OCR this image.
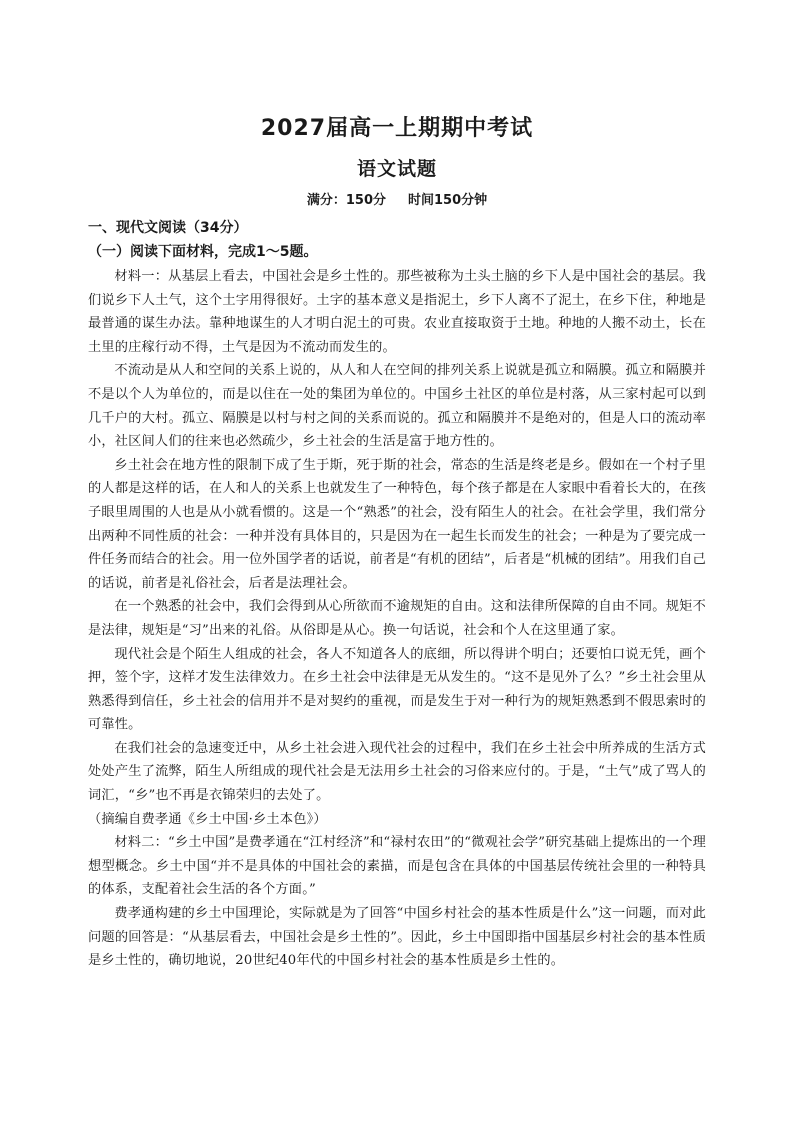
2027届高一上期期中考试
语文试题
满分：150分 时间150分钟
一、现代文阅读（34分）
（一）阅读下面材料，完成1～5题。

材料一：从基层上看去，中国社会是乡土性的。那些被称为土头土脑的乡下人是中国社会的基层。我们说乡下人土气，这个土字用得很好。土字的基本意义是指泥土，乡下人离不了泥土，在乡下住，种地是最普通的谋生办法。靠种地谋生的人才明白泥土的可贵。农业直接取资于土地。种地的人搬不动土，长在土里的庄稼行动不得，土气是因为不流动而发生的。

不流动是从人和空间的关系上说的，从人和人在空间的排列关系上说就是孤立和隔膜。孤立和隔膜并不是以个人为单位的，而是以住在一处的集团为单位的。中国乡土社区的单位是村落，从三家村起可以到几千户的大村。孤立、隔膜是以村与村之间的关系而说的。孤立和隔膜并不是绝对的，但是人口的流动率小，社区间人们的往来也必然疏少，乡土社会的生活是富于地方性的。

乡土社会在地方性的限制下成了生于斯，死于斯的社会，常态的生活是终老是乡。假如在一个村子里的人都是这样的话，在人和人的关系上也就发生了一种特色，每个孩子都是在人家眼中看着长大的，在孩子眼里周围的人也是从小就看惯的。这是一个“熟悉”的社会，没有陌生人的社会。在社会学里，我们常分出两种不同性质的社会：一种并没有具体目的，只是因为在一起生长而发生的社会；一种是为了要完成一件任务而结合的社会。用一位外国学者的话说，前者是“有机的团结”，后者是“机械的团结”。用我们自己的话说，前者是礼俗社会，后者是法理社会。

在一个熟悉的社会中，我们会得到从心所欲而不逾规矩的自由。这和法律所保障的自由不同。规矩不是法律，规矩是“习”出来的礼俗。从俗即是从心。换一句话说，社会和个人在这里通了家。

现代社会是个陌生人组成的社会，各人不知道各人的底细，所以得讲个明白；还要怕口说无凭，画个押，签个字，这样才发生法律效力。在乡土社会中法律是无从发生的。“这不是见外了么？”乡土社会里从熟悉得到信任，乡土社会的信用并不是对契约的重视，而是发生于对一种行为的规矩熟悉到不假思索时的可靠性。

在我们社会的急速变迁中，从乡土社会进入现代社会的过程中，我们在乡土社会中所养成的生活方式处处产生了流弊，陌生人所组成的现代社会是无法用乡土社会的习俗来应付的。于是，“土气”成了骂人的词汇，“乡”也不再是衣锦荣归的去处了。

（摘编自费孝通《乡土中国·乡土本色》）

材料二：“乡土中国”是费孝通在“江村经济”和“禄村农田”的“微观社会学”研究基础上提炼出的一个理想型概念。乡土中国“并不是具体的中国社会的素描，而是包含在具体的中国基层传统社会里的一种特具的体系，支配着社会生活的各个方面。”

费孝通构建的乡土中国理论，实际就是为了回答“中国乡村社会的基本性质是什么”这一问题，而对此问题的回答是：“从基层看去，中国社会是乡土性的”。因此，乡土中国即指中国基层乡村社会的基本性质是乡土性的，确切地说，20世纪40年代的中国乡村社会的基本性质是乡土性的。
